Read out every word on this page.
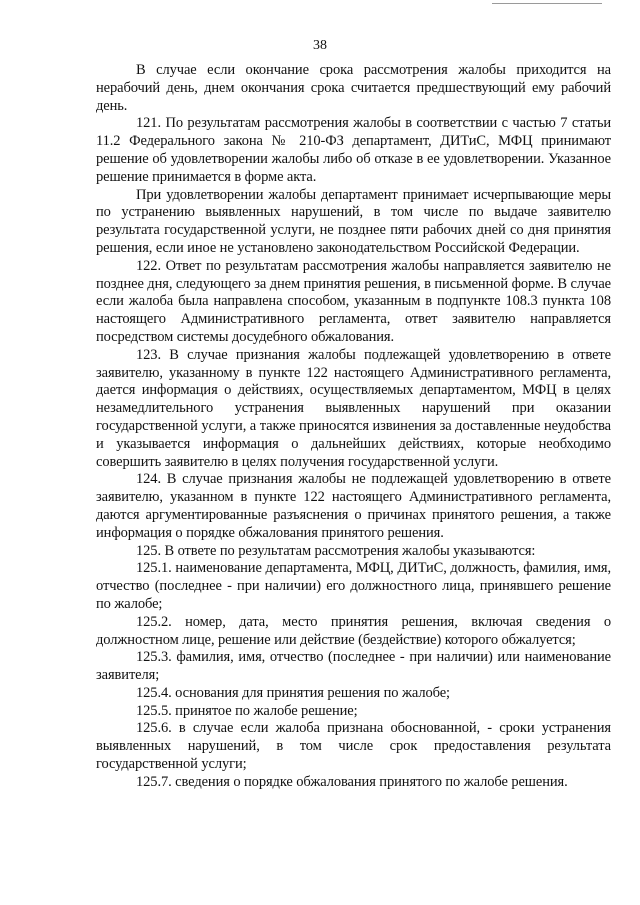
38

В случае если окончание срока рассмотрения жалобы приходится на нерабочий день, днем окончания срока считается предшествующий ему рабочий день.

121. По результатам рассмотрения жалобы в соответствии с частью 7 статьи 11.2 Федерального закона № 210-ФЗ департамент, ДИТиС, МФЦ принимают решение об удовлетворении жалобы либо об отказе в ее удовлетворении. Указанное решение принимается в форме акта.

При удовлетворении жалобы департамент принимает исчерпывающие меры по устранению выявленных нарушений, в том числе по выдаче заявителю результата государственной услуги, не позднее пяти рабочих дней со дня принятия решения, если иное не установлено законодательством Российской Федерации.

122. Ответ по результатам рассмотрения жалобы направляется заявителю не позднее дня, следующего за днем принятия решения, в письменной форме. В случае если жалоба была направлена способом, указанным в подпункте 108.3 пункта 108 настоящего Административного регламента, ответ заявителю направляется посредством системы досудебного обжалования.

123. В случае признания жалобы подлежащей удовлетворению в ответе заявителю, указанному в пункте 122 настоящего Административного регламента, дается информация о действиях, осуществляемых департаментом, МФЦ в целях незамедлительного устранения выявленных нарушений при оказании государственной услуги, а также приносятся извинения за доставленные неудобства и указывается информация о дальнейших действиях, которые необходимо совершить заявителю в целях получения государственной услуги.

124. В случае признания жалобы не подлежащей удовлетворению в ответе заявителю, указанном в пункте 122 настоящего Административного регламента, даются аргументированные разъяснения о причинах принятого решения, а также информация о порядке обжалования принятого решения.

125. В ответе по результатам рассмотрения жалобы указываются:

125.1. наименование департамента, МФЦ, ДИТиС, должность, фамилия, имя, отчество (последнее - при наличии) его должностного лица, принявшего решение по жалобе;

125.2. номер, дата, место принятия решения, включая сведения о должностном лице, решение или действие (бездействие) которого обжалуется;

125.3. фамилия, имя, отчество (последнее - при наличии) или наименование заявителя;

125.4. основания для принятия решения по жалобе;

125.5. принятое по жалобе решение;

125.6. в случае если жалоба признана обоснованной, - сроки устранения выявленных нарушений, в том числе срок предоставления результата государственной услуги;

125.7. сведения о порядке обжалования принятого по жалобе решения.
